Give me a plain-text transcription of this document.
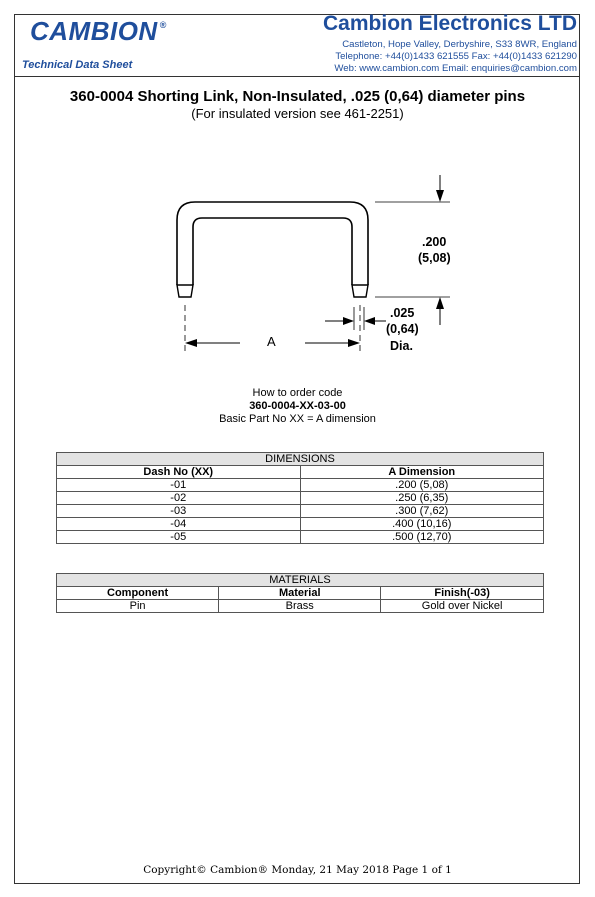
CAMBION ®
Technical Data Sheet
Cambion Electronics LTD
Castleton, Hope Valley, Derbyshire, S33 8WR, England
Telephone: +44(0)1433 621555 Fax: +44(0)1433 621290
Web: www.cambion.com Email: enquiries@cambion.com
360-0004 Shorting Link, Non-Insulated, .025 (0,64) diameter pins
(For insulated version see 461-2251)
.200
(5,08)
.025
(0,64)
Dia.
A
How to order code
360-0004-XX-03-00
Basic Part No XX = A dimension
DIMENSIONS	
Dash No (XX)	A Dimension
-01	.200 (5,08)
-02	.250 (6,35)
-03	.300 (7,62)
-04	.400 (10,16)
-05	.500 (12,70)
MATERIALS		
Component	Material	Finish(-03)
Pin	Brass	Gold over Nickel
Copyright© Cambion® Monday, 21 May 2018 Page 1 of 1
